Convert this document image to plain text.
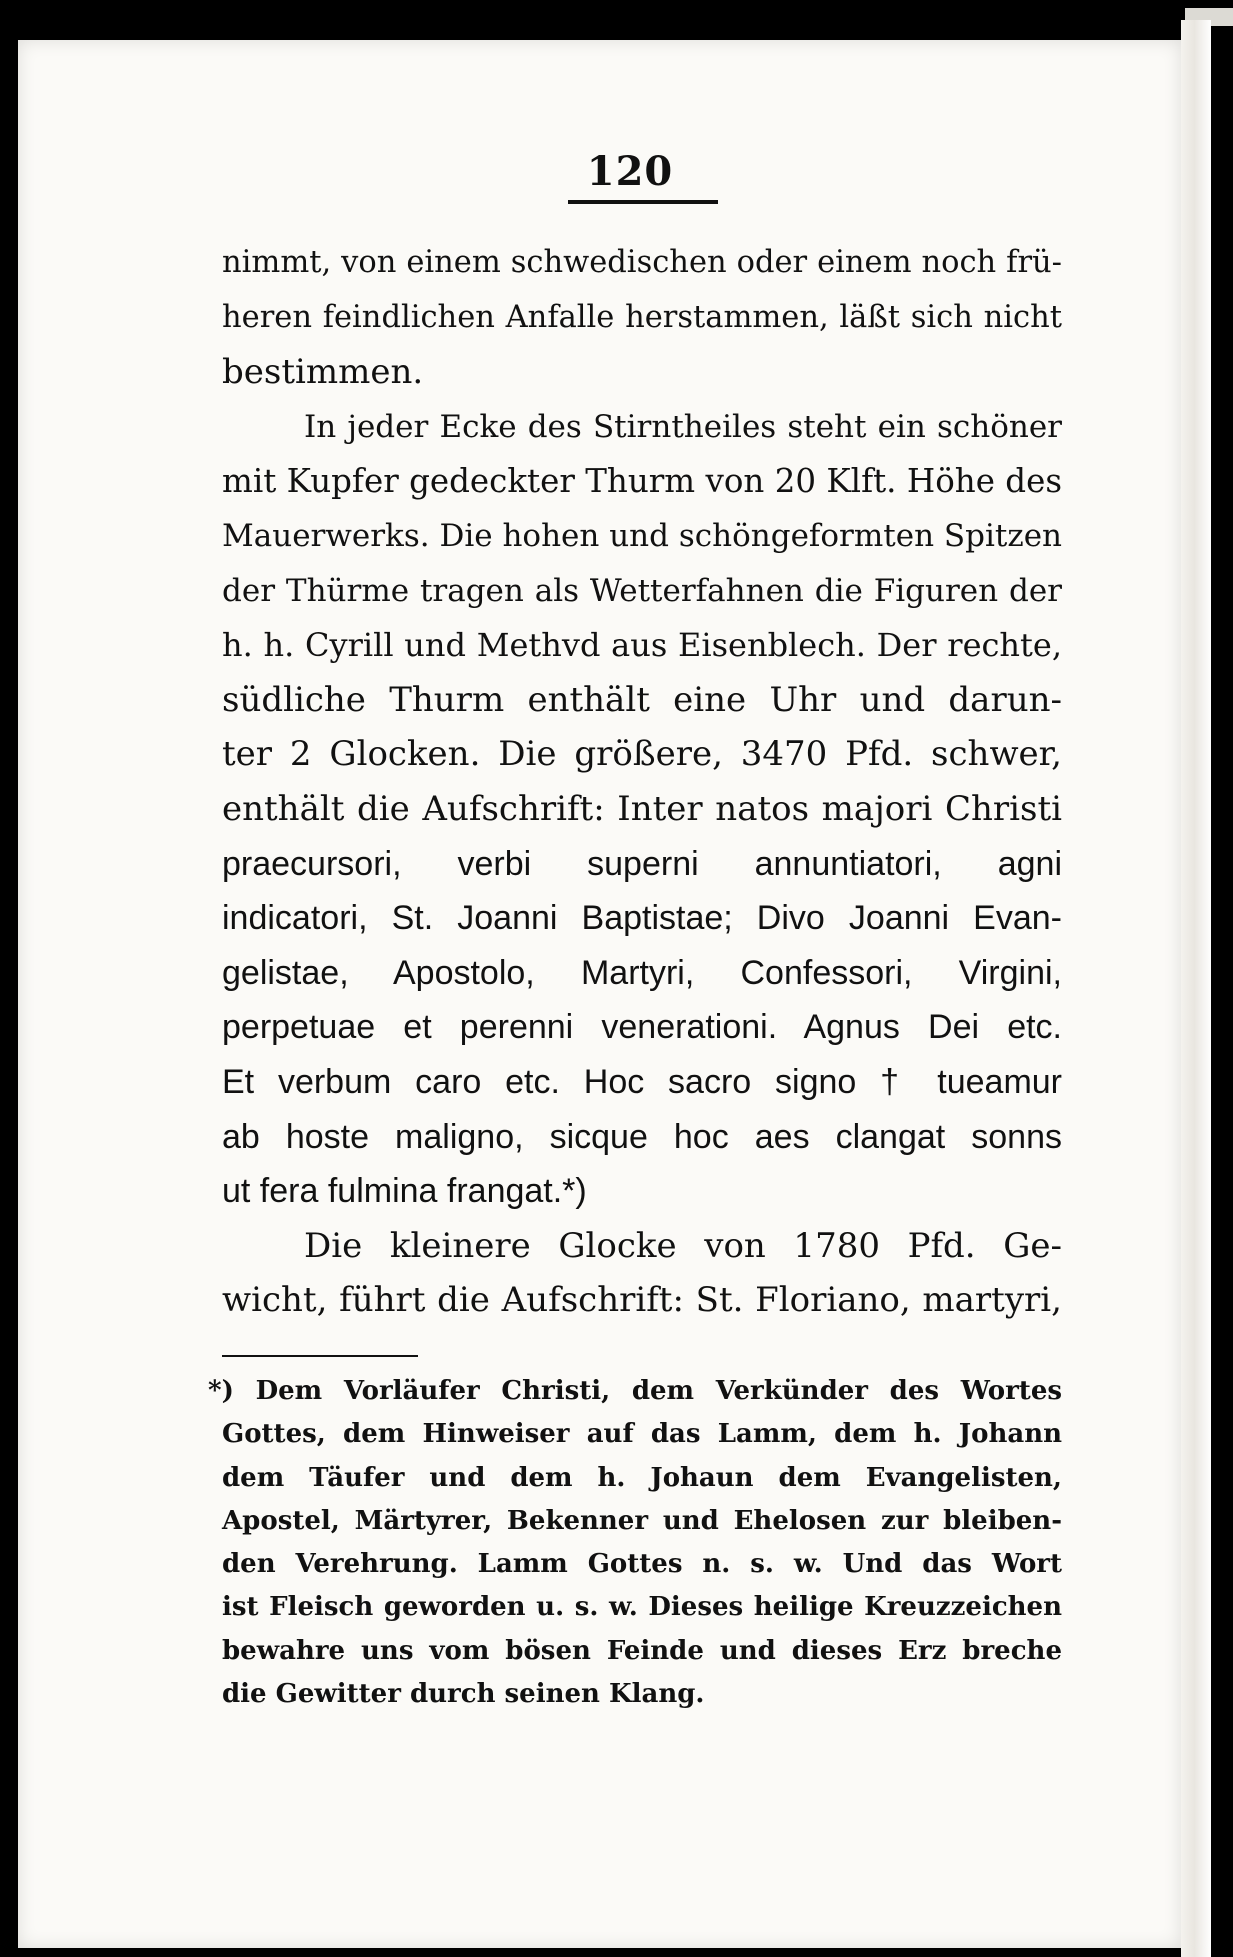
120
nimmt, von einem schwedischen oder einem noch frü-
heren feindlichen Anfalle herstammen, läßt sich nicht
bestimmen.
In jeder Ecke des Stirntheiles steht ein schöner
mit Kupfer gedeckter Thurm von 20 Klft. Höhe des
Mauerwerks. Die hohen und schöngeformten Spitzen
der Thürme tragen als Wetterfahnen die Figuren der
h. h. Cyrill und Methvd aus Eisenblech. Der rechte,
südliche Thurm enthält eine Uhr und darun-
ter 2 Glocken. Die größere, 3470 Pfd. schwer,
enthält die Aufschrift: Inter natos majori Christi
praecursori, verbi superni annuntiatori, agni
indicatori, St. Joanni Baptistae; Divo Joanni Evan-
gelistae, Apostolo, Martyri, Confessori, Virgini,
perpetuae et perenni venerationi. Agnus Dei etc.
Et verbum caro etc. Hoc sacro signo † tueamur
ab hoste maligno, sicque hoc aes clangat sonns
ut fera fulmina frangat.*)
Die kleinere Glocke von 1780 Pfd. Ge-
wicht, führt die Aufschrift: St. Floriano, martyri,
*) Dem Vorläufer Christi, dem Verkünder des Wortes
Gottes, dem Hinweiser auf das Lamm, dem h. Johann
dem Täufer und dem h. Johaun dem Evangelisten,
Apostel, Märtyrer, Bekenner und Ehelosen zur bleiben-
den Verehrung. Lamm Gottes n. s. w. Und das Wort
ist Fleisch geworden u. s. w. Dieses heilige Kreuzzeichen
bewahre uns vom bösen Feinde und dieses Erz breche
die Gewitter durch seinen Klang.
